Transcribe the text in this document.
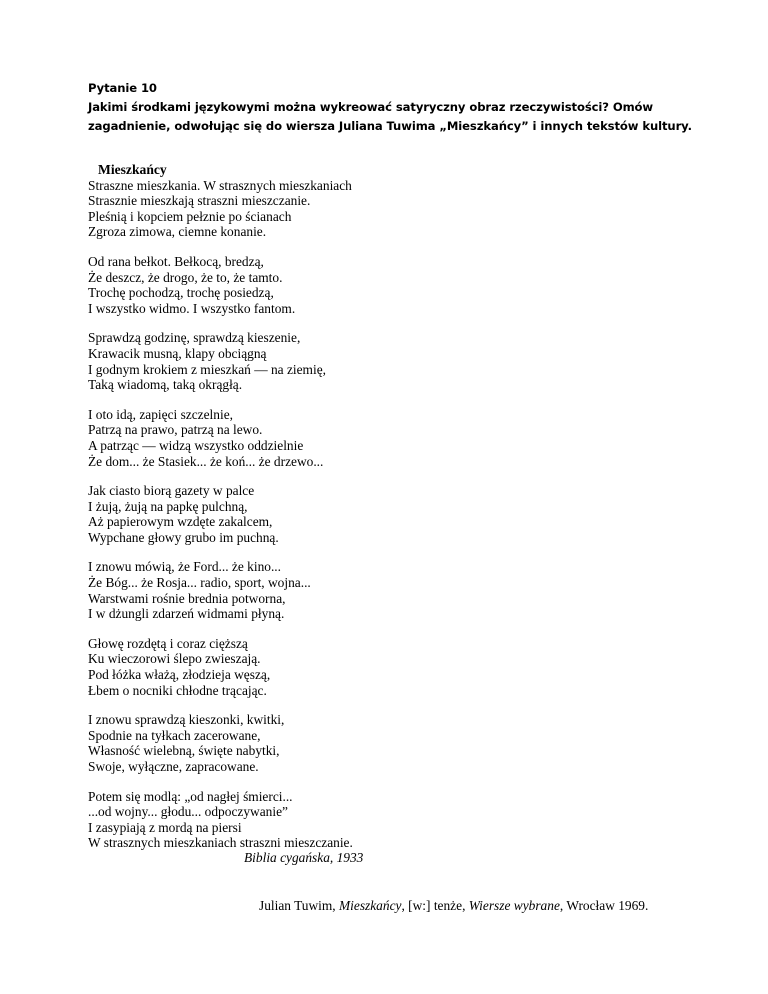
Pytanie 10
Jakimi środkami językowymi można wykreować satyryczny obraz rzeczywistości? Omów
zagadnienie, odwołując się do wiersza Juliana Tuwima „Mieszkańcy” i innych tekstów kultury.
Mieszkańcy
Straszne mieszkania. W strasznych mieszkaniach
Strasznie mieszkają straszni mieszczanie.
Pleśnią i kopciem pełznie po ścianach
Zgroza zimowa, ciemne konanie.
Od rana bełkot. Bełkocą, bredzą,
Że deszcz, że drogo, że to, że tamto.
Trochę pochodzą, trochę posiedzą,
I wszystko widmo. I wszystko fantom.
Sprawdzą godzinę, sprawdzą kieszenie,
Krawacik musną, klapy obciągną
I godnym krokiem z mieszkań — na ziemię,
Taką wiadomą, taką okrągłą.
I oto idą, zapięci szczelnie,
Patrzą na prawo, patrzą na lewo.
A patrząc — widzą wszystko oddzielnie
Że dom... że Stasiek... że koń... że drzewo...
Jak ciasto biorą gazety w palce
I żują, żują na papkę pulchną,
Aż papierowym wzdęte zakalcem,
Wypchane głowy grubo im puchną.
I znowu mówią, że Ford... że kino...
Że Bóg... że Rosja... radio, sport, wojna...
Warstwami rośnie brednia potworna,
I w dżungli zdarzeń widmami płyną.
Głowę rozdętą i coraz cięższą
Ku wieczorowi ślepo zwieszają.
Pod łóżka włażą, złodzieja węszą,
Łbem o nocniki chłodne trącając.
I znowu sprawdzą kieszonki, kwitki,
Spodnie na tyłkach zacerowane,
Własność wielebną, święte nabytki,
Swoje, wyłączne, zapracowane.
Potem się modlą: „od nagłej śmierci...
...od wojny... głodu... odpoczywanie”
I zasypiają z mordą na piersi
W strasznych mieszkaniach straszni mieszczanie.
Biblia cygańska, 1933
Julian Tuwim, Mieszkańcy, [w:] tenże, Wiersze wybrane, Wrocław 1969.
